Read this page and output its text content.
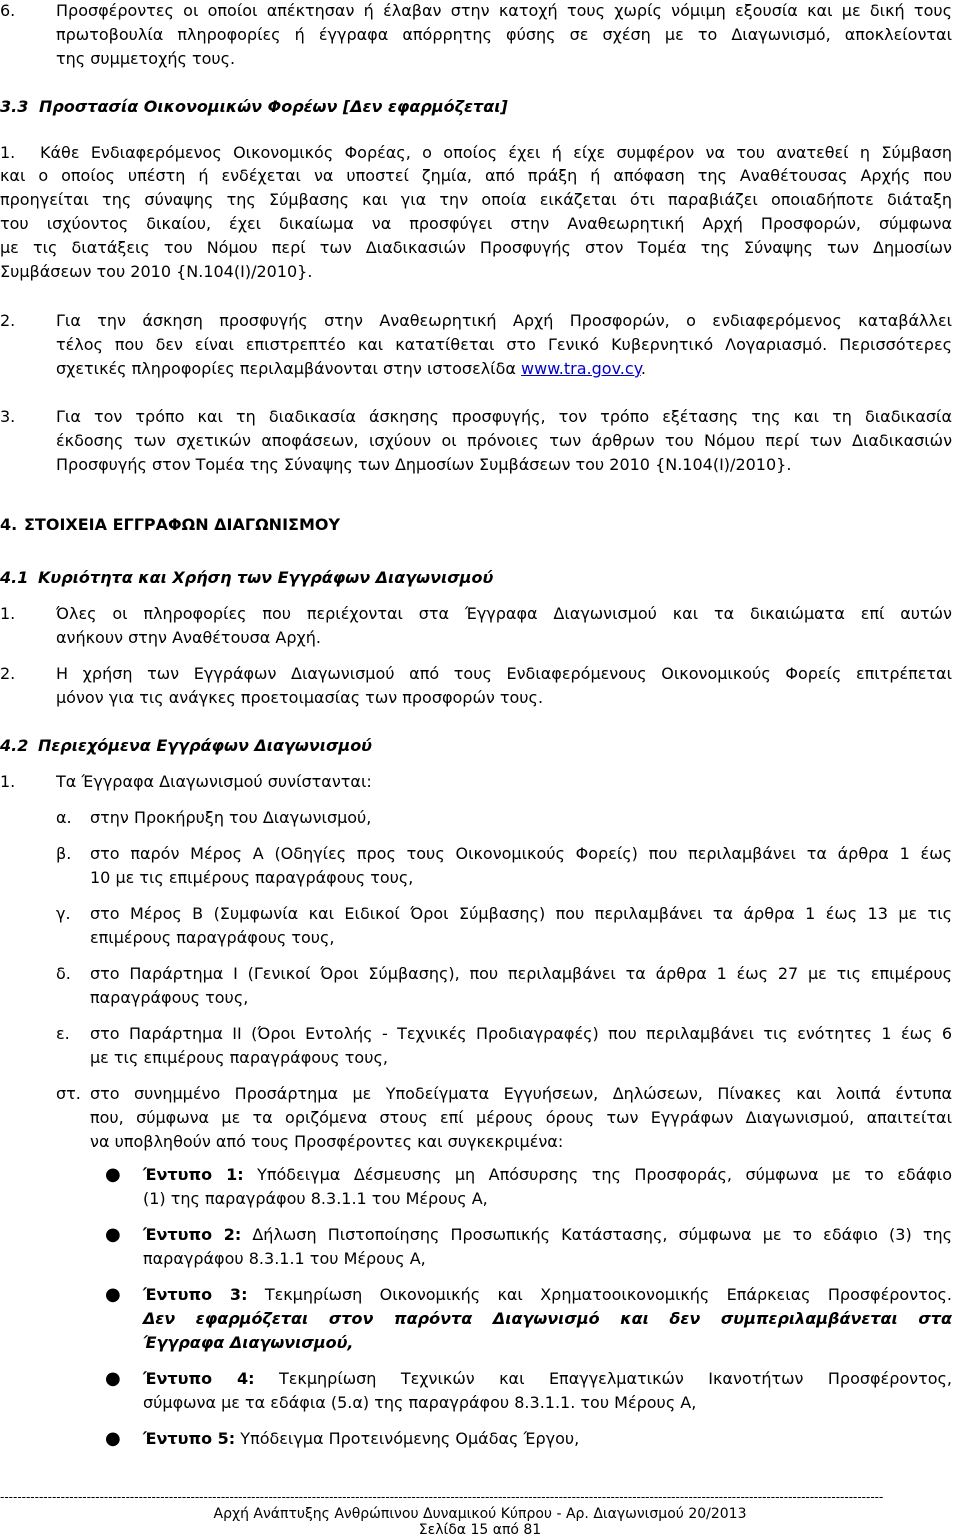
6.	Προσφέροντες οι οποίοι απέκτησαν ή έλαβαν στην κατοχή τους χωρίς νόμιμη εξουσία και με δική τους
πρωτοβουλία πληροφορίες ή έγγραφα απόρρητης φύσης σε σχέση με το Διαγωνισμό, αποκλείονται
της συμμετοχής τους.
3.3 Προστασία Οικονομικών Φορέων [Δεν εφαρμόζεται]
1. Κάθε Ενδιαφερόμενος Οικονομικός Φορέας, ο οποίος έχει ή είχε συμφέρον να του ανατεθεί η Σύμβαση
και ο οποίος υπέστη ή ενδέχεται να υποστεί ζημία, από πράξη ή απόφαση της Αναθέτουσας Αρχής που
προηγείται της σύναψης της Σύμβασης και για την οποία εικάζεται ότι παραβιάζει οποιαδήποτε διάταξη
του ισχύοντος δικαίου, έχει δικαίωμα να προσφύγει στην Αναθεωρητική Αρχή Προσφορών, σύμφωνα
με τις διατάξεις του Νόμου περί των Διαδικασιών Προσφυγής στον Τομέα της Σύναψης των Δημοσίων
Συμβάσεων του 2010 {Ν.104(Ι)/2010}.
2.	Για την άσκηση προσφυγής στην Αναθεωρητική Αρχή Προσφορών, ο ενδιαφερόμενος καταβάλλει
τέλος που δεν είναι επιστρεπτέο και κατατίθεται στο Γενικό Κυβερνητικό Λογαριασμό. Περισσότερες
σχετικές πληροφορίες περιλαμβάνονται στην ιστοσελίδα www.tra.gov.cy.
3.	Για τον τρόπο και τη διαδικασία άσκησης προσφυγής, τον τρόπο εξέτασης της και τη διαδικασία
έκδοσης των σχετικών αποφάσεων, ισχύουν οι πρόνοιες των άρθρων του Νόμου περί των Διαδικασιών
Προσφυγής στον Τομέα της Σύναψης των Δημοσίων Συμβάσεων του 2010 {Ν.104(Ι)/2010}.
4. ΣΤΟΙΧΕΙΑ ΕΓΓΡΑΦΩΝ ΔΙΑΓΩΝΙΣΜΟΥ
4.1 Κυριότητα και Χρήση των Εγγράφων Διαγωνισμού
1.	Όλες οι πληροφορίες που περιέχονται στα Έγγραφα Διαγωνισμού και τα δικαιώματα επί αυτών
ανήκουν στην Αναθέτουσα Αρχή.
2.	Η χρήση των Εγγράφων Διαγωνισμού από τους Ενδιαφερόμενους Οικονομικούς Φορείς επιτρέπεται
μόνον για τις ανάγκες προετοιμασίας των προσφορών τους.
4.2 Περιεχόμενα Εγγράφων Διαγωνισμού
1.	Τα Έγγραφα Διαγωνισμού συνίστανται:
α. στην Προκήρυξη του Διαγωνισμού,
β. στο παρόν Μέρος Α (Οδηγίες προς τους Οικονομικούς Φορείς) που περιλαμβάνει τα άρθρα 1 έως
10 με τις επιμέρους παραγράφους τους,
γ. στο Μέρος Β (Συμφωνία και Ειδικοί Όροι Σύμβασης) που περιλαμβάνει τα άρθρα 1 έως 13 με τις
επιμέρους παραγράφους τους,
δ. στο Παράρτημα Ι (Γενικοί Όροι Σύμβασης), που περιλαμβάνει τα άρθρα 1 έως 27 με τις επιμέρους
παραγράφους τους,
ε. στο Παράρτημα ΙΙ (Όροι Εντολής - Τεχνικές Προδιαγραφές) που περιλαμβάνει τις ενότητες 1 έως 6
με τις επιμέρους παραγράφους τους,
στ. στο συνημμένο Προσάρτημα με Υποδείγματα Εγγυήσεων, Δηλώσεων, Πίνακες και λοιπά έντυπα
που, σύμφωνα με τα οριζόμενα στους επί μέρους όρους των Εγγράφων Διαγωνισμού, απαιτείται
να υποβληθούν από τους Προσφέροντες και συγκεκριμένα:
● Έντυπο 1: Υπόδειγμα Δέσμευσης μη Απόσυρσης της Προσφοράς, σύμφωνα με το εδάφιο
(1) της παραγράφου 8.3.1.1 του Μέρους Α,
● Έντυπο 2: Δήλωση Πιστοποίησης Προσωπικής Κατάστασης, σύμφωνα με το εδάφιο (3) της
παραγράφου 8.3.1.1 του Μέρους Α,
● Έντυπο 3: Τεκμηρίωση Οικονομικής και Χρηματοοικονομικής Επάρκειας Προσφέροντος.
Δεν εφαρμόζεται στον παρόντα Διαγωνισμό και δεν συμπεριλαμβάνεται στα
Έγγραφα Διαγωνισμού,
● Έντυπο 4: Τεκμηρίωση Τεχνικών και Επαγγελματικών Ικανοτήτων Προσφέροντος,
σύμφωνα με τα εδάφια (5.α) της παραγράφου 8.3.1.1. του Μέρους Α,
● Έντυπο 5: Υπόδειγμα Προτεινόμενης Ομάδας Έργου,
------------------------------------------------------------------------------------------------------------------------------------------------------------------------------------------------------------
Αρχή Ανάπτυξης Ανθρώπινου Δυναμικού Κύπρου - Αρ. Διαγωνισμού 20/2013
Σελίδα 15 από 81
